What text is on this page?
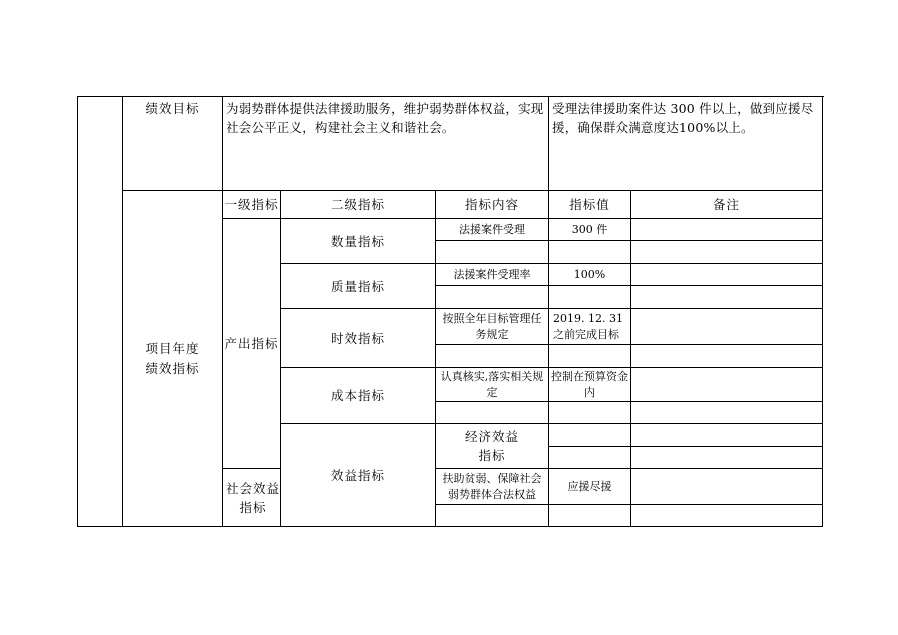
	绩效目标	为弱势群体提供法律援助服务，维护弱势群体权益，实现社会公平正义，构建社会主义和谐社会。			受理法律援助案件达 300 件以上，做到应援尽援，确保群众满意度达100%以上。		

	项目年度绩效指标	一级指标	二级指标	指标内容	指标值	备注	
		产出指标	数量指标	法援案件受理	300 件		

			质量指标	法援案件受理率	100%		

			时效指标	按照全年目标管理任务规定	2019. 12. 31 之前完成目标		

			成本指标	认真核实,落实相关规定	控制在预算资金内		

			效益指标	经济效益指标			

		社会效益指标		扶助贫弱、保障社会弱势群体合法权益	应援尽援		
